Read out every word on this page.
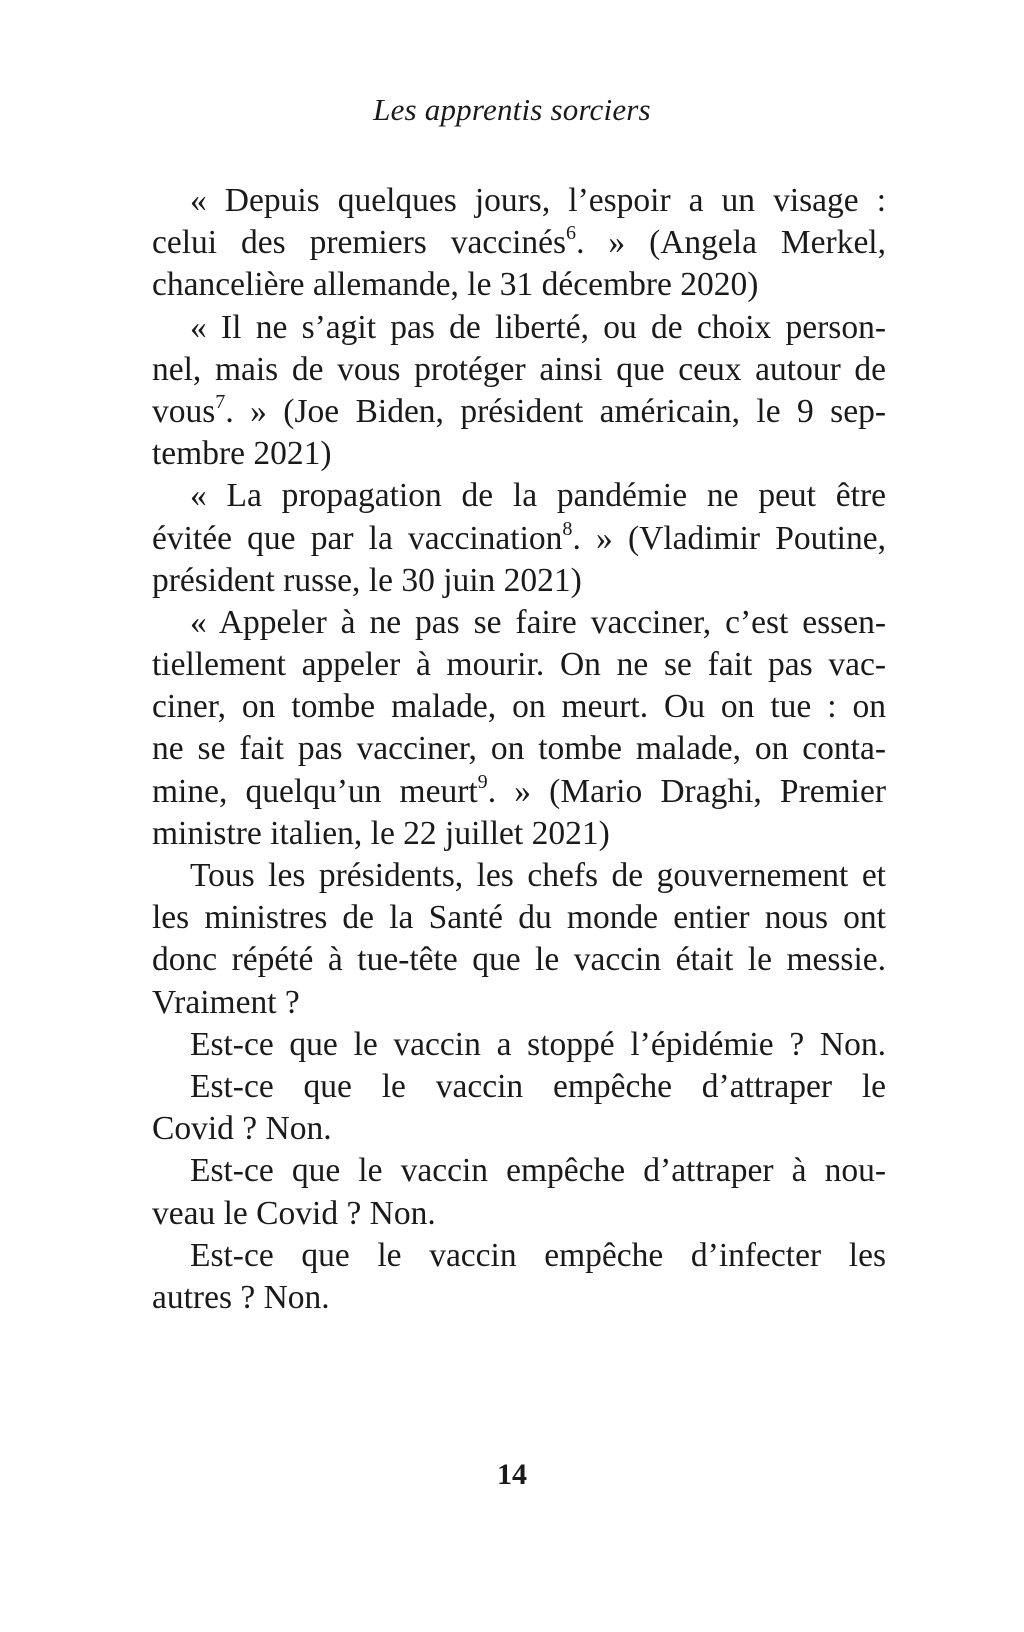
Les apprentis sorciers
« Depuis quelques jours, l’espoir a un visage :
celui des premiers vaccinés$^6$. » (Angela Merkel,
chancelière allemande, le 31 décembre 2020)
« Il ne s’agit pas de liberté, ou de choix person-
nel, mais de vous protéger ainsi que ceux autour de
vous$^7$. » (Joe Biden, président américain, le 9 sep-
tembre 2021)
« La propagation de la pandémie ne peut être
évitée que par la vaccination$^8$. » (Vladimir Poutine,
président russe, le 30 juin 2021)
« Appeler à ne pas se faire vacciner, c’est essen-
tiellement appeler à mourir. On ne se fait pas vac-
ciner, on tombe malade, on meurt. Ou on tue : on
ne se fait pas vacciner, on tombe malade, on conta-
mine, quelqu’un meurt$^9$. » (Mario Draghi, Premier
ministre italien, le 22 juillet 2021)
Tous les présidents, les chefs de gouvernement et
les ministres de la Santé du monde entier nous ont
donc répété à tue-tête que le vaccin était le messie.
Vraiment ?
Est-ce que le vaccin a stoppé l’épidémie ? Non.
Est-ce que le vaccin empêche d’attraper le
Covid ? Non.
Est-ce que le vaccin empêche d’attraper à nou-
veau le Covid ? Non.
Est-ce que le vaccin empêche d’infecter les
autres ? Non.
14
